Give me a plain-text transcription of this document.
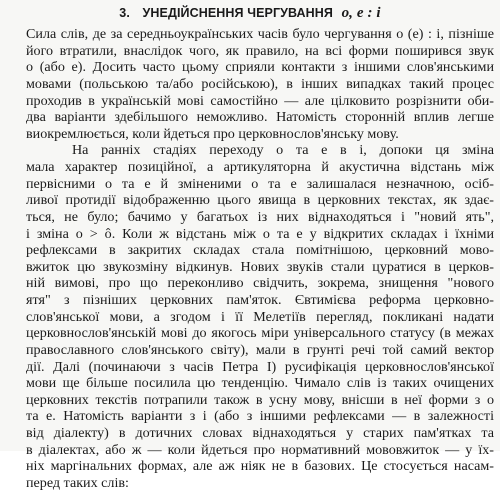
3. УНЕДІЙСНЕННЯ ЧЕРГУВАННЯ о, е : і
Сила слів, де за середньоукраїнських часів було чергування о (е) : і, пізніше
його втратили, внаслідок чого, як правило, на всі форми поширився звук
о (або е). Досить часто цьому сприяли контакти з іншими слов'янськими
мовами (польською та/або російською), в інших випадках такий процес
проходив в українській мові самостійно — але цілковито розрізнити оби-
два варіанти здебільшого неможливо. Натомість сторонній вплив легше
виокремлюється, коли йдеться про церковнослов'янську мову.
На ранніх стадіях переходу о та е в і, допоки ця зміна
мала характер позиційної, а артикуляторна й акустична відстань між
первісними о та е й зміненими о та е залишалася незначною, осіб-
ливої протидії відображенню цього явища в церковних текстах, як здає-
ться, не було; бачимо у багатьох із них віднаходяться і "новий ять",
і зміна о > ô. Коли ж відстань між о та е у відкритих складах і їхніми
рефлексами в закритих складах стала помітнішою, церковний мово-
вжиток цю звукозміну відкинув. Нових звуків стали цуратися в церков-
ній вимові, про що переконливо свідчить, зокрема, знищення "нового
ятя" з пізніших церковних пам'яток. Євтимієва реформа церковно-
слов'янської мови, а згодом і її Мелетіїв перегляд, покликані надати
церковнослов'янській мові до якогось міри універсального статусу (в межах
православного слов'янського світу), мали в грунті речі той самий вектор
дії. Далі (починаючи з часів Петра І) русифікація церковнослов'янської
мови ще більше посилила цю тенденцію. Чимало слів із таких очищених
церковних текстів потрапили також в усну мову, внісши в неї форми з о
та е. Натомість варіанти з і (або з іншими рефлексами — в залежності
від діалекту) в дотичних словах віднаходяться у старих пам'ятках та
в діалектах, або ж — коли йдеться про нормативний мововжиток — у їх-
ніх маргінальних формах, але аж ніяк не в базових. Це стосується насам-
перед таких слів:
